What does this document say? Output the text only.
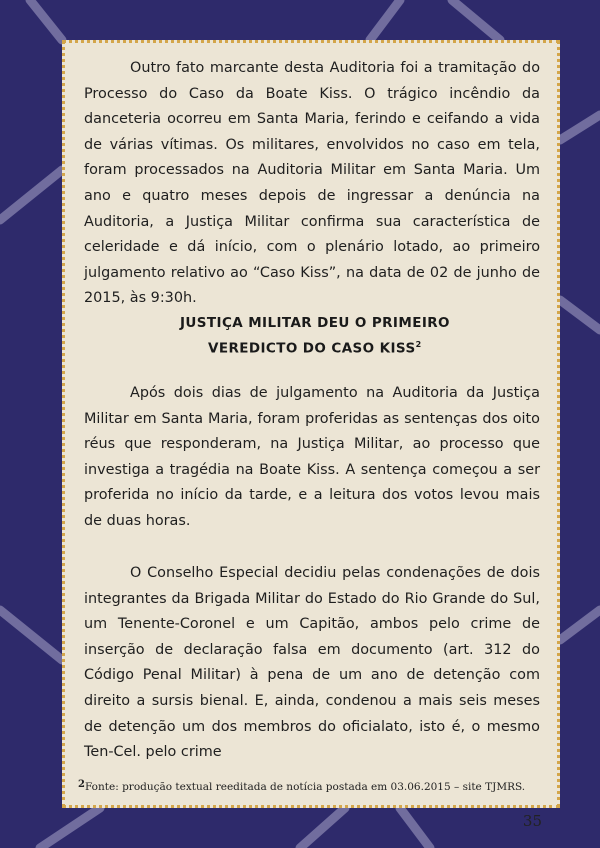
Outro fato marcante desta Auditoria foi a tramitação do Processo do Caso da Boate Kiss. O trágico incêndio da danceteria ocorreu em Santa Maria, ferindo e ceifando a vida de várias vítimas. Os militares, envolvidos no caso em tela, foram processados na Auditoria Militar em Santa Maria. Um ano e quatro meses depois de ingressar a denúncia na Auditoria, a Justiça Militar confirma sua característica de celeridade e dá início, com o plenário lotado, ao primeiro julgamento relativo ao “Caso Kiss”, na data de 02 de junho de 2015, às 9:30h.

JUSTIÇA MILITAR DEU O PRIMEIRO
VEREDICTO DO CASO KISS$^2$

Após dois dias de julgamento na Auditoria da Justiça Militar em Santa Maria, foram proferidas as sentenças dos oito réus que responderam, na Justiça Militar, ao processo que investiga a tragédia na Boate Kiss. A sentença começou a ser proferida no início da tarde, e a leitura dos votos levou mais de duas horas.

O Conselho Especial decidiu pelas condenações de dois integrantes da Brigada Militar do Estado do Rio Grande do Sul, um Tenente-Coronel e um Capitão, ambos pelo crime de inserção de declaração falsa em documento (art. 312 do Código Penal Militar) à pena de um ano de detenção com direito a sursis bienal. E, ainda, condenou a mais seis meses de detenção um dos membros do oficialato, isto é, o mesmo Ten-Cel. pelo crime

2Fonte: produção textual reeditada de notícia postada em 03.06.2015 – site TJMRS.
35
